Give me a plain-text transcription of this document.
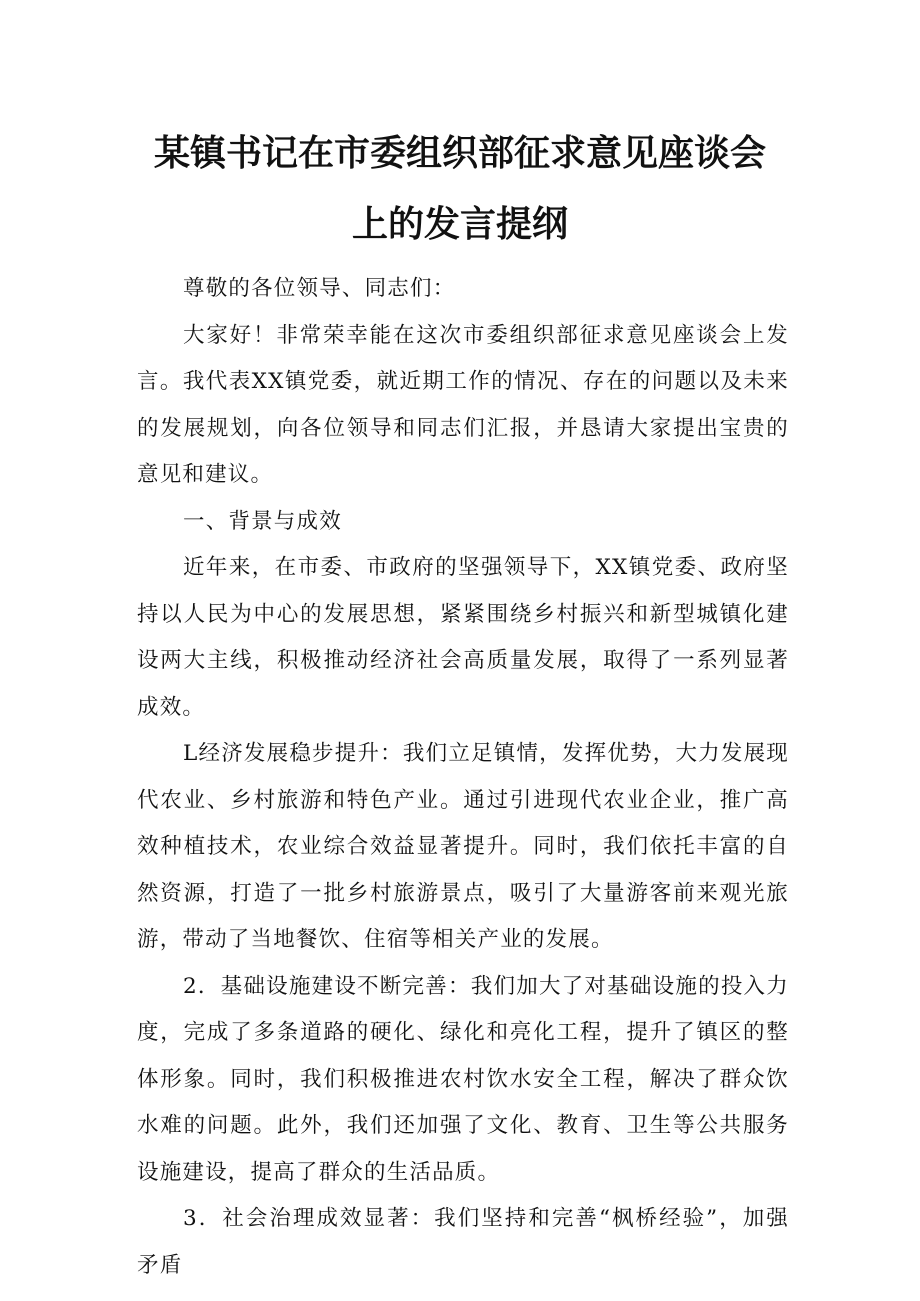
某镇书记在市委组织部征求意见座谈会
上的发言提纲

尊敬的各位领导、同志们：

大家好！非常荣幸能在这次市委组织部征求意见座谈会上发言。我代表XX镇党委，就近期工作的情况、存在的问题以及未来的发展规划，向各位领导和同志们汇报，并恳请大家提出宝贵的意见和建议。

一、背景与成效

近年来，在市委、市政府的坚强领导下，XX镇党委、政府坚持以人民为中心的发展思想，紧紧围绕乡村振兴和新型城镇化建设两大主线，积极推动经济社会高质量发展，取得了一系列显著成效。

L经济发展稳步提升：我们立足镇情，发挥优势，大力发展现代农业、乡村旅游和特色产业。通过引进现代农业企业，推广高效种植技术，农业综合效益显著提升。同时，我们依托丰富的自然资源，打造了一批乡村旅游景点，吸引了大量游客前来观光旅游，带动了当地餐饮、住宿等相关产业的发展。

2．基础设施建设不断完善：我们加大了对基础设施的投入力度，完成了多条道路的硬化、绿化和亮化工程，提升了镇区的整体形象。同时，我们积极推进农村饮水安全工程，解决了群众饮水难的问题。此外，我们还加强了文化、教育、卫生等公共服务设施建设，提高了群众的生活品质。

3．社会治理成效显著：我们坚持和完善“枫桥经验”，加强矛盾
